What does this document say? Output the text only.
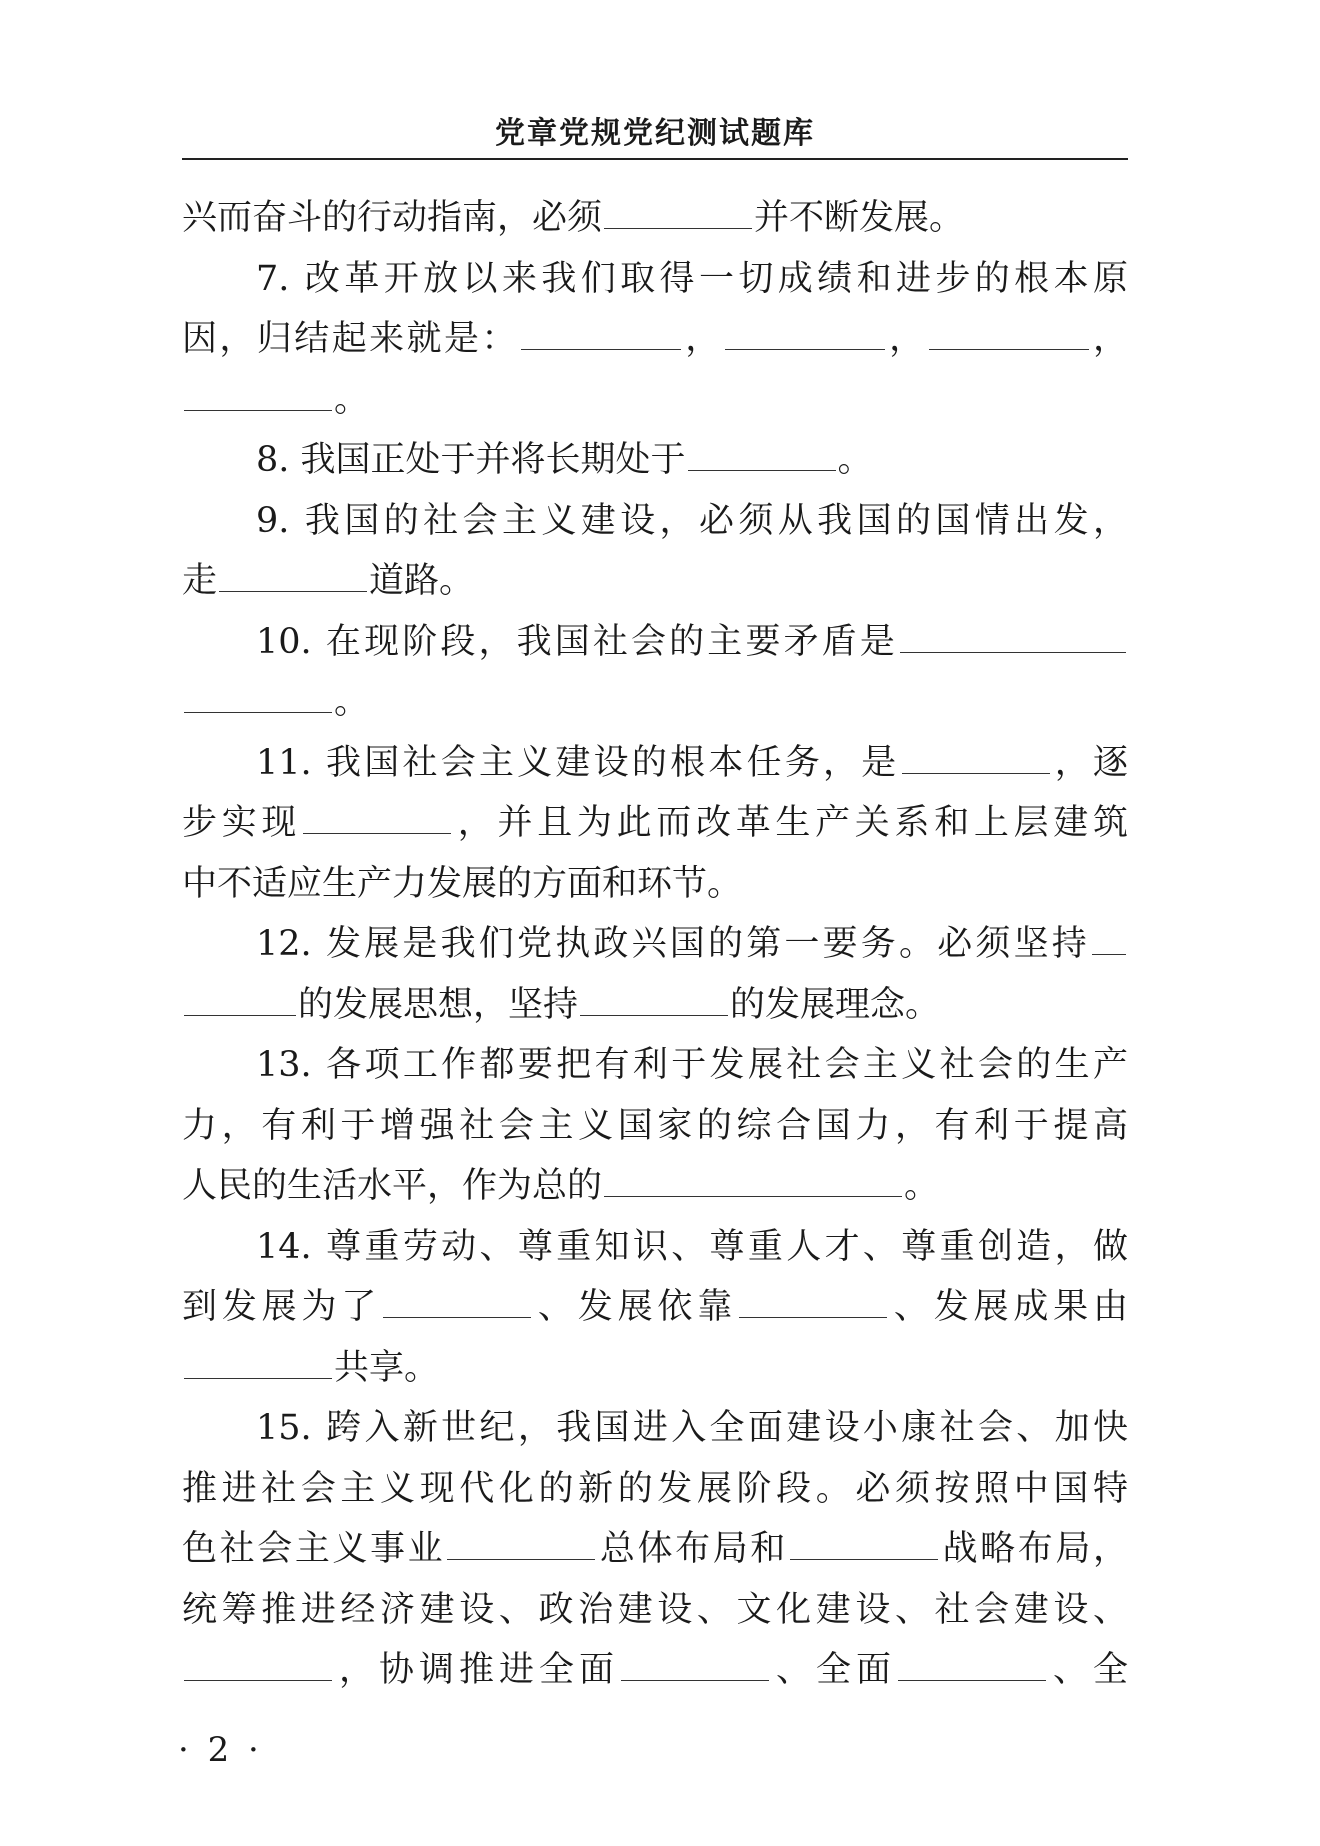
党章党规党纪测试题库
兴而奋斗的行动指南，必须	并不断发展。
7. 改革开放以来我们取得一切成绩和进步的根本原
因，归结起来就是：	，	，	，
。
8. 我国正处于并将长期处于	。
9. 我国的社会主义建设，必须从我国的国情出发，
走	道路。
10. 在现阶段，我国社会的主要矛盾是
。
11. 我国社会主义建设的根本任务，是	，逐
步实现	，并且为此而改革生产关系和上层建筑
中不适应生产力发展的方面和环节。
12. 发展是我们党执政兴国的第一要务。必须坚持
的发展思想，坚持	的发展理念。
13. 各项工作都要把有利于发展社会主义社会的生产
力，有利于增强社会主义国家的综合国力，有利于提高
人民的生活水平，作为总的	。
14. 尊重劳动、尊重知识、尊重人才、尊重创造，做
到发展为了	、发展依靠	、发展成果由
共享。
15. 跨入新世纪，我国进入全面建设小康社会、加快
推进社会主义现代化的新的发展阶段。必须按照中国特
色社会主义事业	总体布局和	战略布局，
统筹推进经济建设、政治建设、文化建设、社会建设、
，协调推进全面	、全面	、全
· 2 ·
